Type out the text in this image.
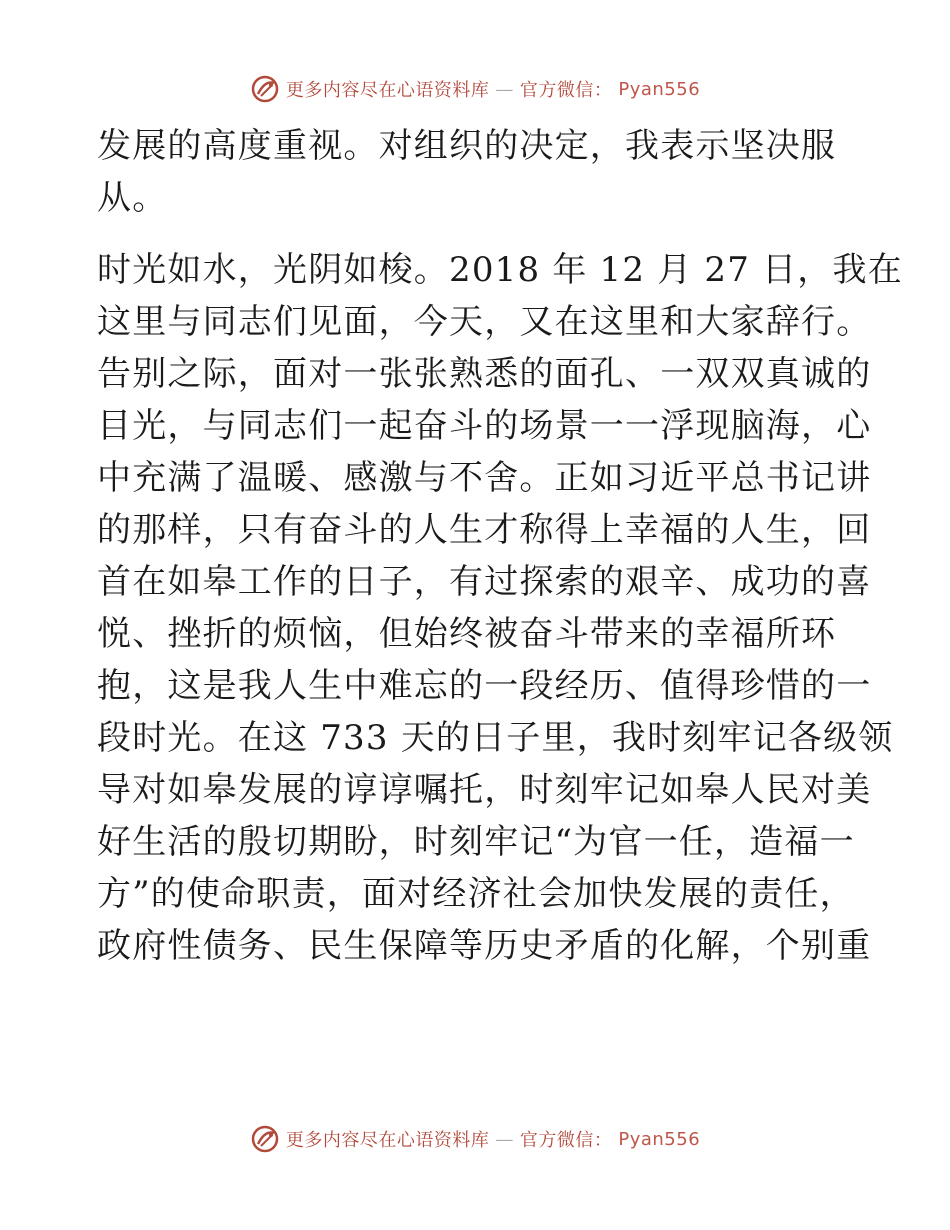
更多内容尽在心语资料库 — 官方微信： Pyan556
发展的高度重视。对组织的决定，我表示坚决服
从。
时光如水，光阴如梭。2018 年 12 月 27 日，我在
这里与同志们见面，今天，又在这里和大家辞行。
告别之际，面对一张张熟悉的面孔、一双双真诚的
目光，与同志们一起奋斗的场景一一浮现脑海，心
中充满了温暖、感激与不舍。正如习近平总书记讲
的那样，只有奋斗的人生才称得上幸福的人生，回
首在如皋工作的日子，有过探索的艰辛、成功的喜
悦、挫折的烦恼，但始终被奋斗带来的幸福所环
抱，这是我人生中难忘的一段经历、值得珍惜的一
段时光。在这 733 天的日子里，我时刻牢记各级领
导对如皋发展的谆谆嘱托，时刻牢记如皋人民对美
好生活的殷切期盼，时刻牢记“为官一任，造福一
方”的使命职责，面对经济社会加快发展的责任，
政府性债务、民生保障等历史矛盾的化解，个别重
更多内容尽在心语资料库 — 官方微信： Pyan556
